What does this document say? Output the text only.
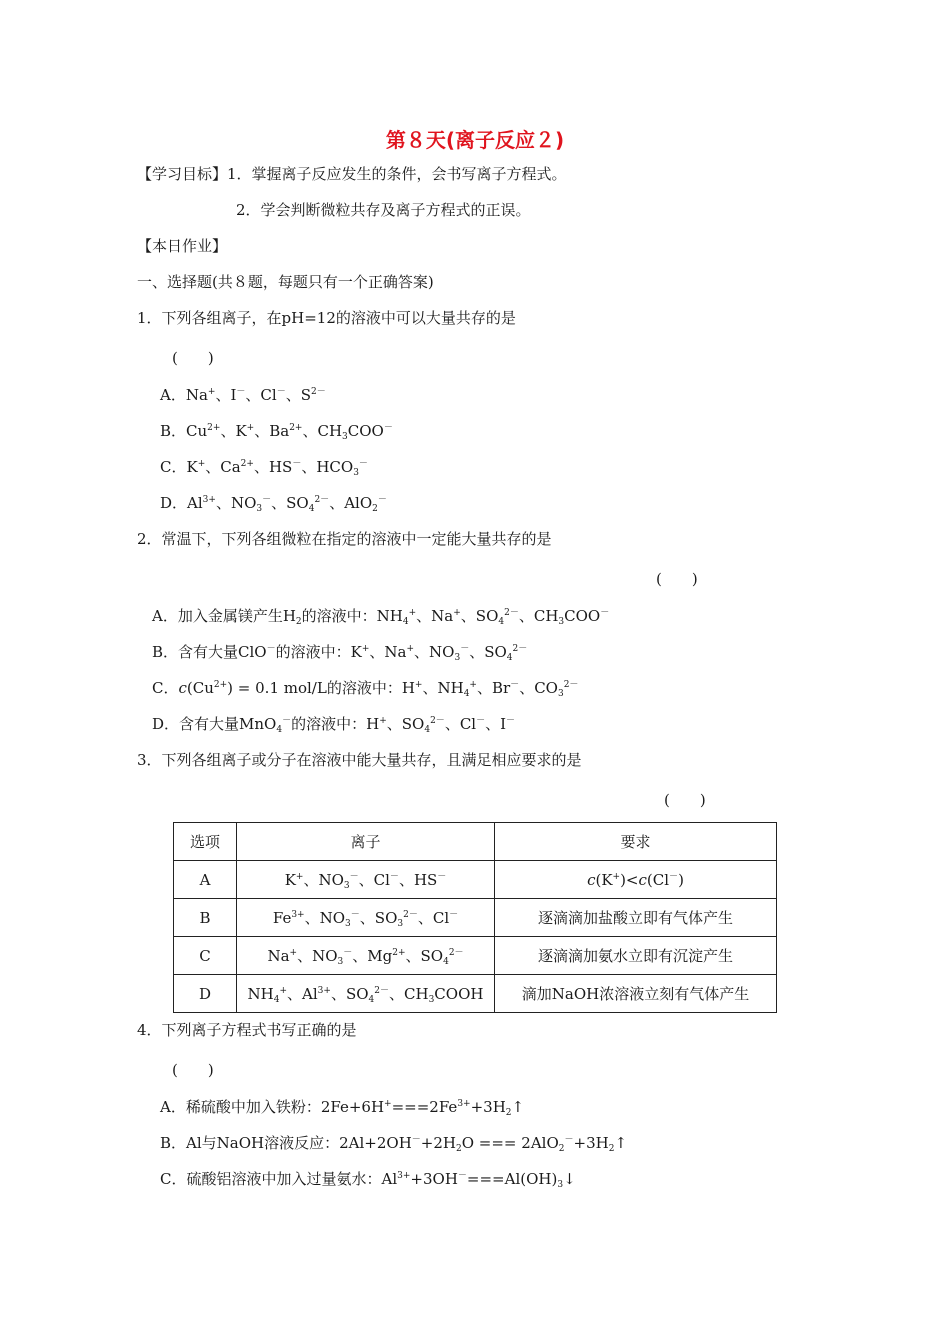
第８天(离子反应２)
【学习目标】1．掌握离子反应发生的条件，会书写离子方程式。
2．学会判断微粒共存及离子方程式的正误。
【本日作业】
一、选择题(共８题，每题只有一个正确答案)
1．下列各组离子，在pH=12的溶液中可以大量共存的是
(　　)
A．Na+、I－、Cl－、$S^{2-}$
B．$Cu^{2+}$、K+、$Ba^{2+}$、$CH_3COO^-$
C．K+、$Ca^{2+}$、HS－、$HCO_3^-$
D．$Al^{3+}$、$NO_3^-$、$SO_4^{2-}$、AlO$_2$－
2．常温下，下列各组微粒在指定的溶液中一定能大量共存的是
(　　)
A．加入金属镁产生$H_2$的溶液中：$NH_4^+$、Na+、$SO_4^{2-}$、$CH_3COO^-$
B．含有大量ClO－的溶液中：K+、Na+、$NO_3^-$、$SO_4^{2-}$
C．$c(Cu^{2+}) = 0.1$ mol/L的溶液中：H+、$NH_4^+$、Br－、$CO_3^{2-}$
D．含有大量MnO$_4$－的溶液中：H+、$SO_4^{2-}$、Cl－、I－
3．下列各组离子或分子在溶液中能大量共存，且满足相应要求的是
(　　)
选项	离子	要求
A	K+、$NO_3^-$、Cl－、HS－	c(K+)<c(Cl－)
B	$Fe^{3+}$、$NO_3^-$、$SO_3^{2-}$、Cl－	逐滴滴加盐酸立即有气体产生
C	Na+、$NO_3^-$、$Mg^{2+}$、$SO_4^{2-}$	逐滴滴加氨水立即有沉淀产生
D	$NH_4^+$、$Al^{3+}$、$SO_4^{2-}$、$CH_3COOH$	滴加NaOH浓溶液立刻有气体产生
4．下列离子方程式书写正确的是
(　　)
A．稀硫酸中加入铁粉：$2Fe+6H^+===2Fe^{3+}+3H_2↑$
B．Al与NaOH溶液反应：$2Al+2OH^-+2H_2O$ === $2AlO_2^-+3H_2↑$
C．硫酸铝溶液中加入过量氨水：$Al^{3+}+3OH^-===Al(OH)_3↓$
